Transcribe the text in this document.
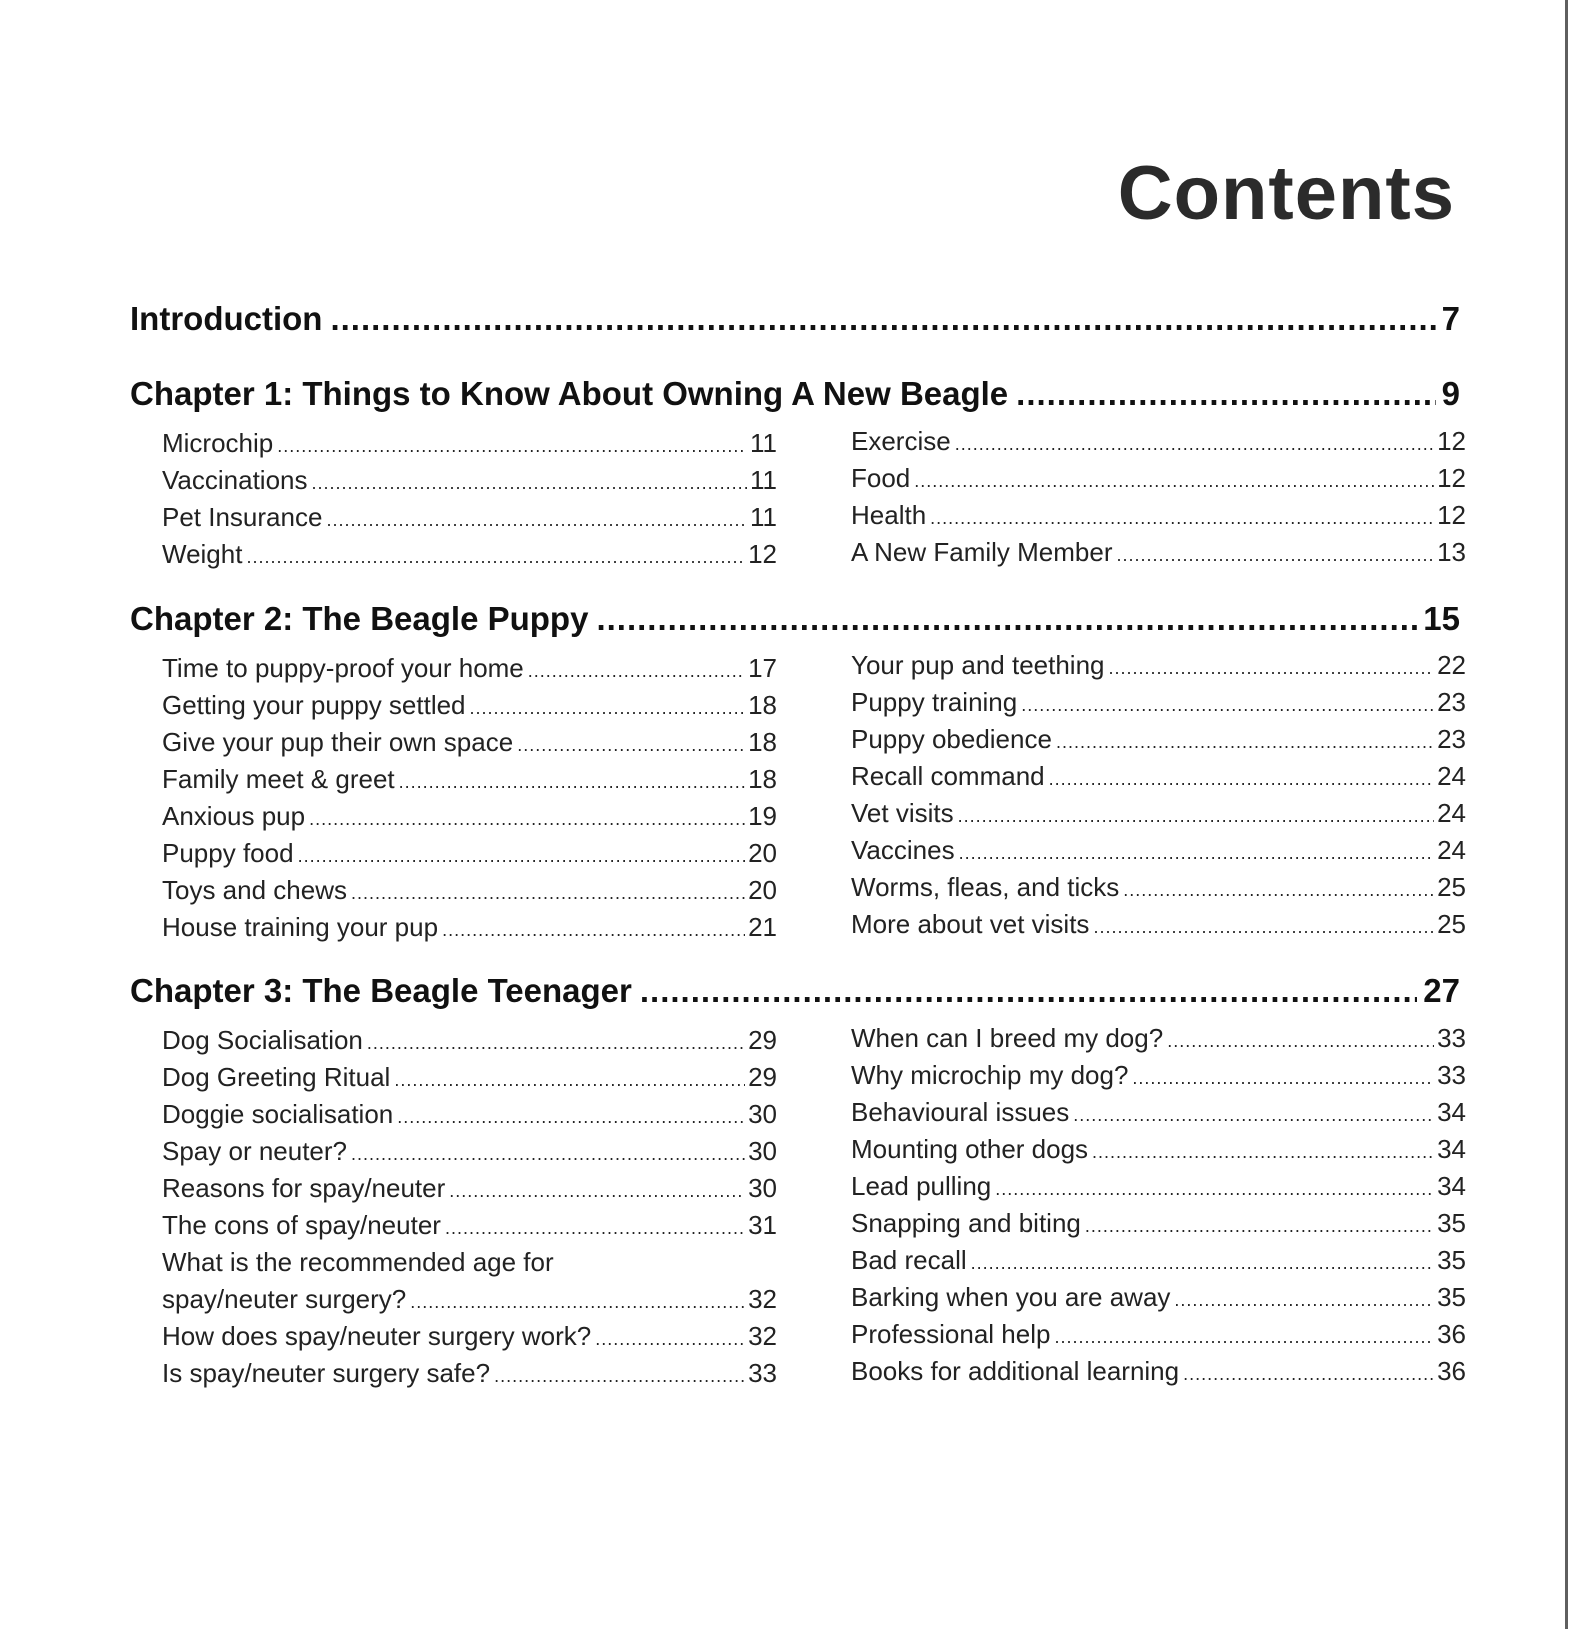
Contents
Introduction .....	7
Chapter 1: Things to Know About Owning A New Beagle .....	9
Microchip .....	11
Vaccinations .....	11
Pet Insurance .....	11
Weight .....	12
Exercise .....	12
Food .....	12
Health .....	12
A New Family Member .....	13
Chapter 2: The Beagle Puppy .....	15
Time to puppy-proof your home .....	17
Getting your puppy settled .....	18
Give your pup their own space .....	18
Family meet & greet .....	18
Anxious pup .....	19
Puppy food .....	20
Toys and chews .....	20
House training your pup .....	21
Your pup and teething .....	22
Puppy training .....	23
Puppy obedience .....	23
Recall command .....	24
Vet visits .....	24
Vaccines .....	24
Worms, fleas, and ticks .....	25
More about vet visits .....	25
Chapter 3: The Beagle Teenager .....	27
Dog Socialisation .....	29
Dog Greeting Ritual .....	29
Doggie socialisation .....	30
Spay or neuter? .....	30
Reasons for spay/neuter .....	30
The cons of spay/neuter .....	31
What is the recommended age for
spay/neuter surgery? .....	32
How does spay/neuter surgery work? .....	32
Is spay/neuter surgery safe? .....	33
When can I breed my dog? .....	33
Why microchip my dog? .....	33
Behavioural issues .....	34
Mounting other dogs .....	34
Lead pulling .....	34
Snapping and biting .....	35
Bad recall .....	35
Barking when you are away .....	35
Professional help .....	36
Books for additional learning .....	36
